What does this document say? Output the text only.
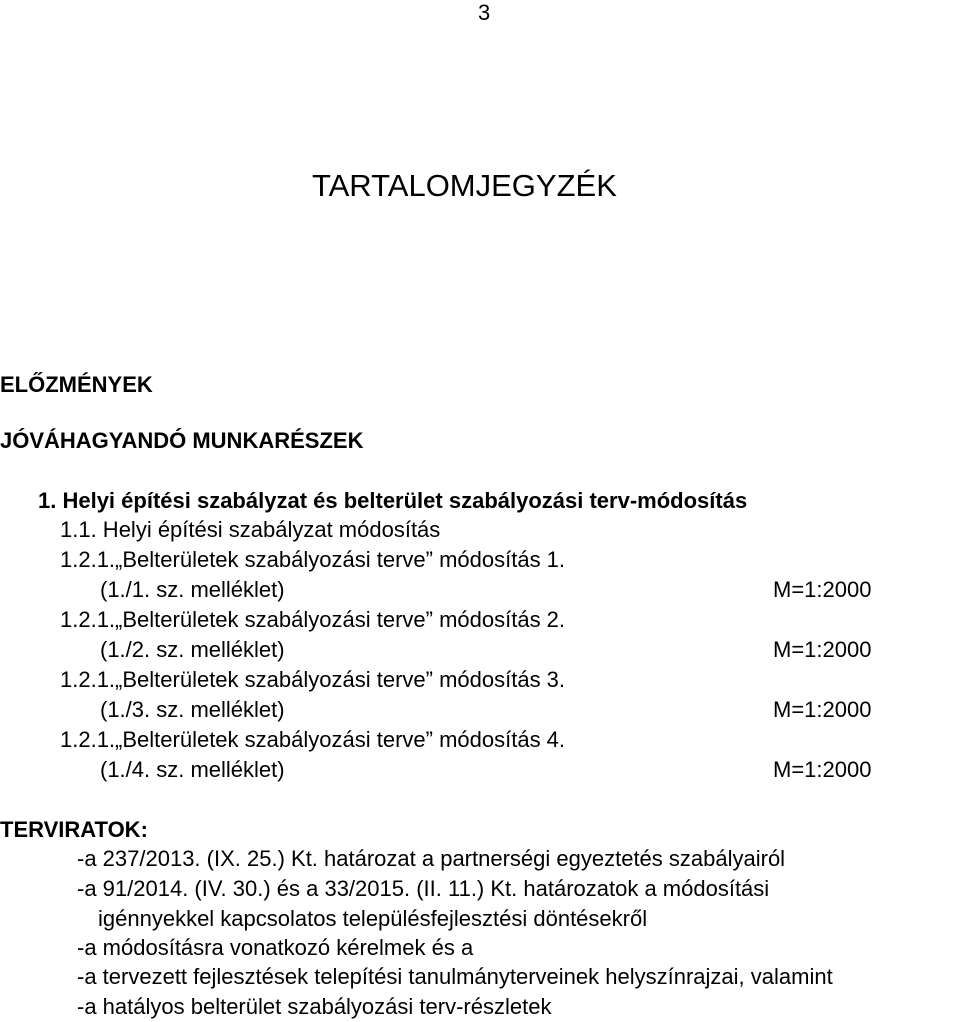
3
TARTALOMJEGYZÉK
ELŐZMÉNYEK
JÓVÁHAGYANDÓ MUNKARÉSZEK
1. Helyi építési szabályzat és belterület szabályozási terv-módosítás
1.1. Helyi építési szabályzat módosítás
1.2.1.„Belterületek szabályozási terve” módosítás 1.
(1./1. sz. melléklet)	M=1:2000
1.2.1.„Belterületek szabályozási terve” módosítás 2.
(1./2. sz. melléklet)	M=1:2000
1.2.1.„Belterületek szabályozási terve” módosítás 3.
(1./3. sz. melléklet)	M=1:2000
1.2.1.„Belterületek szabályozási terve” módosítás 4.
(1./4. sz. melléklet)	M=1:2000
TERVIRATOK:
-a 237/2013. (IX. 25.) Kt. határozat a partnerségi egyeztetés szabályairól
-a 91/2014. (IV. 30.) és a 33/2015. (II. 11.) Kt. határozatok a módosítási
igénnyekkel kapcsolatos településfejlesztési döntésekről
-a módosításra vonatkozó kérelmek és a
-a tervezett fejlesztések telepítési tanulmányterveinek helyszínrajzai, valamint
-a hatályos belterület szabályozási terv-részletek
